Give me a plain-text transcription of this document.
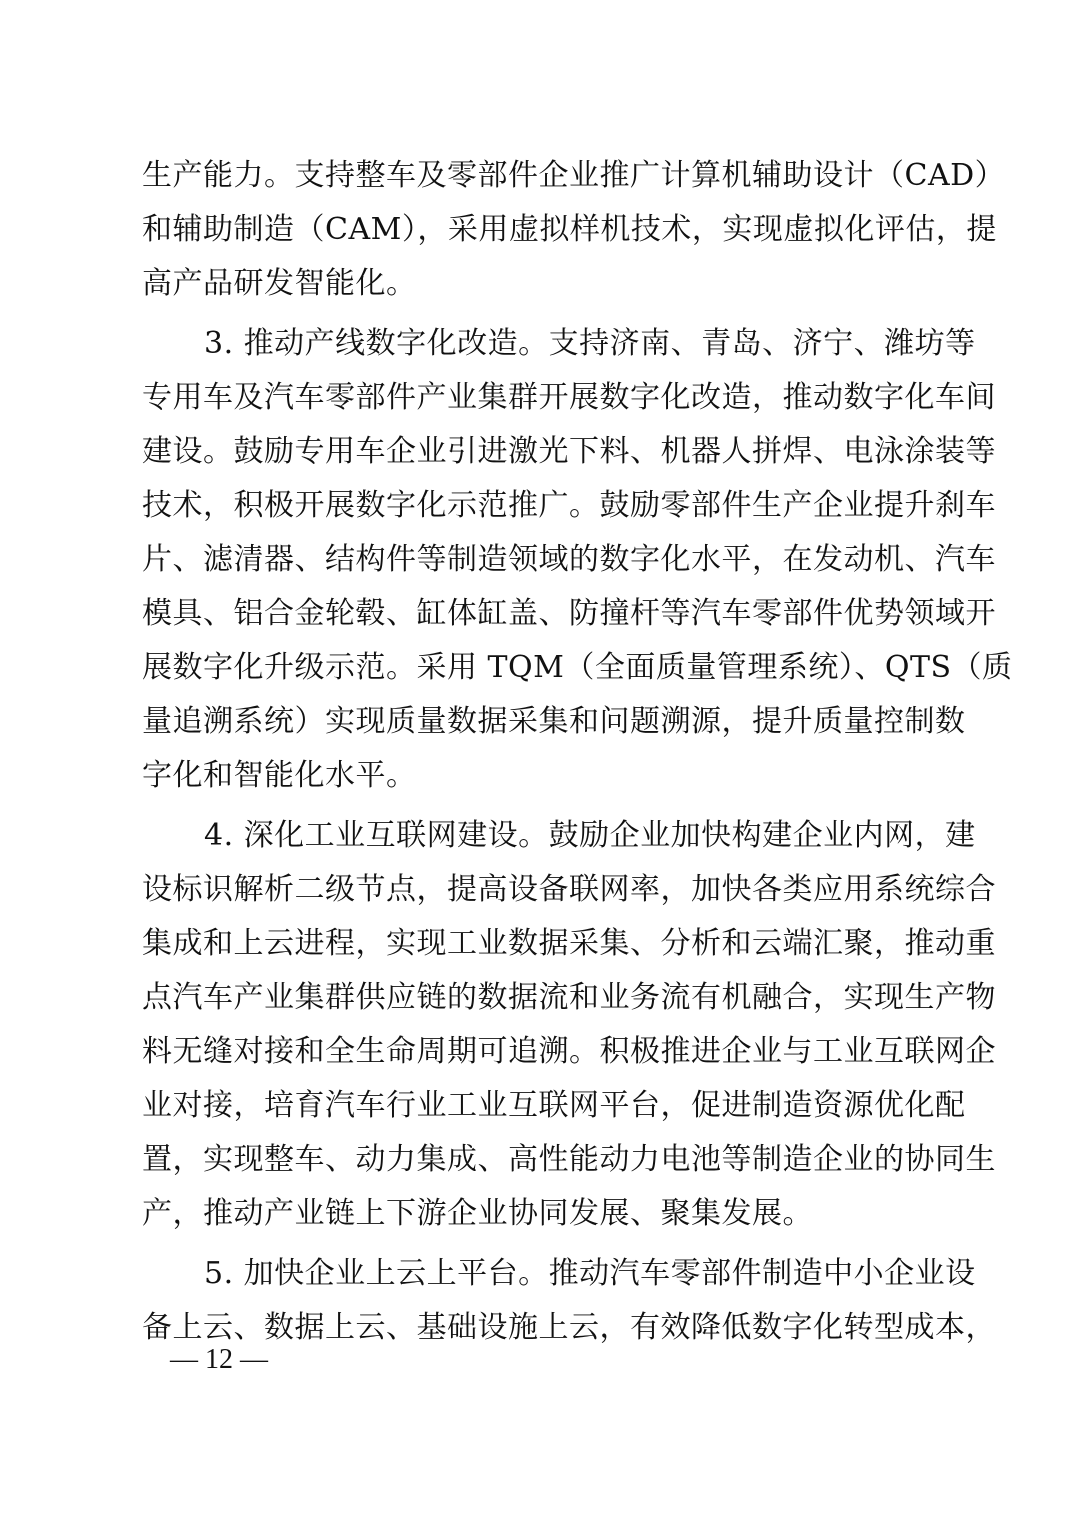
生产能力。支持整车及零部件企业推广计算机辅助设计（CAD）
和辅助制造（CAM），采用虚拟样机技术，实现虚拟化评估，提
高产品研发智能化。
3. 推动产线数字化改造。支持济南、青岛、济宁、潍坊等
专用车及汽车零部件产业集群开展数字化改造，推动数字化车间
建设。鼓励专用车企业引进激光下料、机器人拼焊、电泳涂装等
技术，积极开展数字化示范推广。鼓励零部件生产企业提升刹车
片、滤清器、结构件等制造领域的数字化水平，在发动机、汽车
模具、铝合金轮毂、缸体缸盖、防撞杆等汽车零部件优势领域开
展数字化升级示范。采用 TQM（全面质量管理系统）、QTS（质
量追溯系统）实现质量数据采集和问题溯源，提升质量控制数
字化和智能化水平。
4. 深化工业互联网建设。鼓励企业加快构建企业内网，建
设标识解析二级节点，提高设备联网率，加快各类应用系统综合
集成和上云进程，实现工业数据采集、分析和云端汇聚，推动重
点汽车产业集群供应链的数据流和业务流有机融合，实现生产物
料无缝对接和全生命周期可追溯。积极推进企业与工业互联网企
业对接，培育汽车行业工业互联网平台，促进制造资源优化配
置，实现整车、动力集成、高性能动力电池等制造企业的协同生
产，推动产业链上下游企业协同发展、聚集发展。
5. 加快企业上云上平台。推动汽车零部件制造中小企业设
备上云、数据上云、基础设施上云，有效降低数字化转型成本，
— 12 —
